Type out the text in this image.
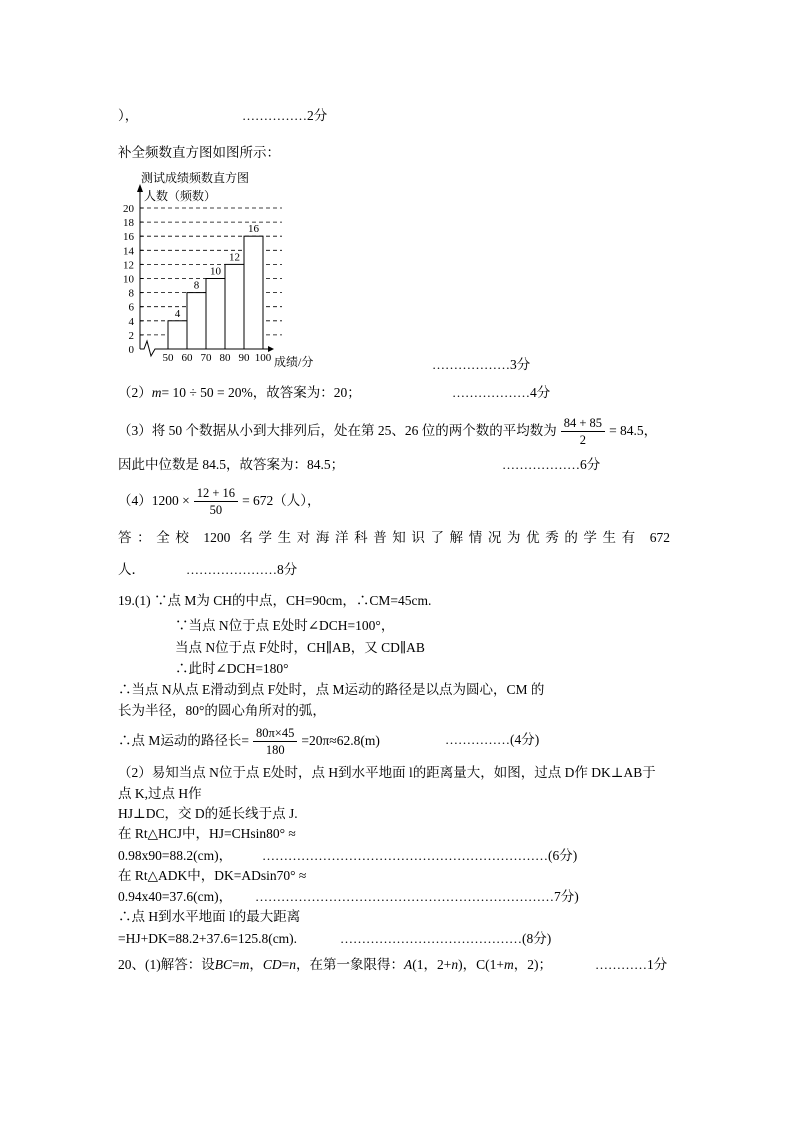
），	…………… 2分
补全频数直方图如图所示：
测试成绩频数直方图
人数（频数）
4
8
10
12
16
0
2
4
6
8
10
12
14
16
18
20
50 60 70 80 90 100 成绩/分	……………… 3分
（2） m = 10 ÷ 50 = 20%，故答案为：20；	……………… 4分
（3）将 50 个数据从小到大排列后，处在第 25、26 位的两个数的平均数为 $\frac{84 + 85}{2} = 84.5$，
因此中位数是 84.5，故答案为：84.5；	……………… 6分
$(4)1200 \times \frac{12 + 16}{50} = 672$（人），
答：全校 1200 名学生对海洋科普知识了解情况为优秀的学生有 672
人．	………………… 8分
19.(1) ∵点 M为 CH的中点，CH=90cm，∴CM=45cm.
∵当点 N位于点 E处时∠DCH=100°，
当点 N位于点 F处时，CH∥AB，又 CD∥AB
∴此时∠DCH=180°
∴当点 N从点 E滑动到点 F处时，点 M运动的路径是以点为圆心，CM 的
长为半径，80°的圆心角所对的弧，
∴点 M运动的路径长= $\frac{80\pi\times 45}{180} =20\pi\approx 62.8(m)$	…………… (4分)
（2）易知当点 N位于点 E处时，点 H到水平地面 l的距离量大，如图，过点 D作 DK⊥AB于
点 K,过点 H作
HJ⊥DC，交 D的延长线于点 J.
在 Rt△HCJ中，HJ=CHsin80° ≈
0.98x90=88.2(cm)， ………………………………………………………… (6分)
在 Rt△ADK中，DK=ADsin70° ≈
0.94x40=37.6(cm)， …………………………………………………………… 7分)
∴点 H到水平地面 l的最大距离
=HJ+DK=88.2+37.6=125.8(cm).	…………………………………… (8分)
20、(1)解答：设 BC = m ， CD = n ，在第一象限得： A (1，2+ n )，C(1+ m ，2)；	………… 1分
